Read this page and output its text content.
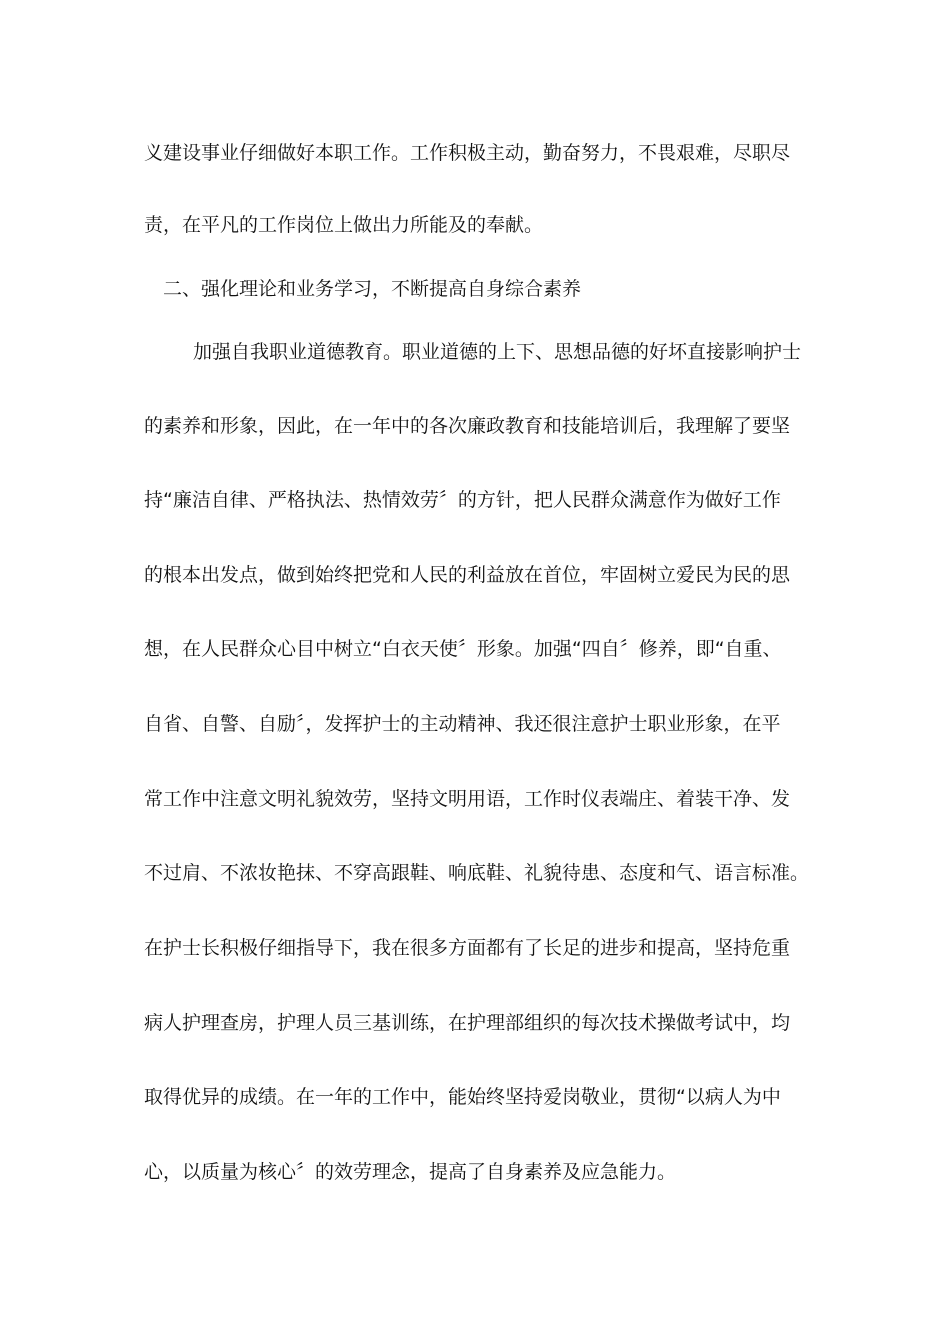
义建设事业仔细做好本职工作。工作积极主动，勤奋努力，不畏艰难，尽职尽
责，在平凡的工作岗位上做出力所能及的奉献。
二、强化理论和业务学习，不断提高自身综合素养
加强自我职业道德教育。职业道德的上下、思想品德的好坏直接影响护士
的素养和形象，因此，在一年中的各次廉政教育和技能培训后，我理解了要坚
持“廉洁自律、严格执法、热情效劳〞的方针，把人民群众满意作为做好工作
的根本出发点，做到始终把党和人民的利益放在首位，牢固树立爱民为民的思
想，在人民群众心目中树立“白衣天使〞形象。加强“四自〞修养，即“自重、
自省、自警、自励〞，发挥护士的主动精神、我还很注意护士职业形象，在平
常工作中注意文明礼貌效劳，坚持文明用语，工作时仪表端庄、着装干净、发
不过肩、不浓妆艳抹、不穿高跟鞋、响底鞋、礼貌待患、态度和气、语言标准。
在护士长积极仔细指导下，我在很多方面都有了长足的进步和提高，坚持危重
病人护理查房，护理人员三基训练，在护理部组织的每次技术操做考试中，均
取得优异的成绩。在一年的工作中，能始终坚持爱岗敬业，贯彻“以病人为中
心，以质量为核心〞的效劳理念，提高了自身素养及应急能力。
